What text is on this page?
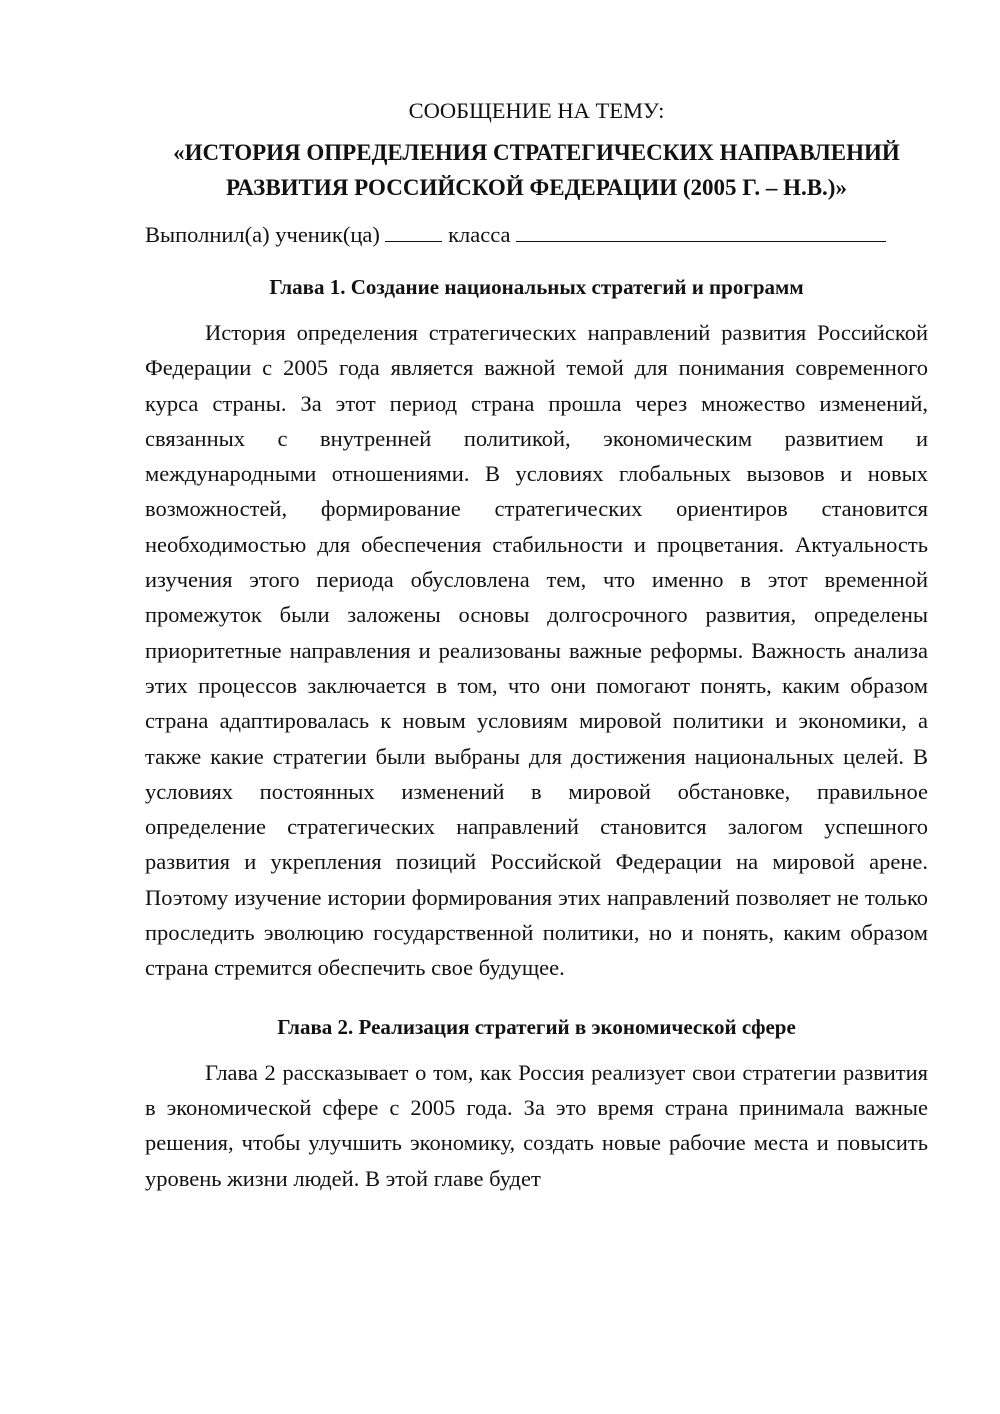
СООБЩЕНИЕ НА ТЕМУ:

«ИСТОРИЯ ОПРЕДЕЛЕНИЯ СТРАТЕГИЧЕСКИХ НАПРАВЛЕНИЙ РАЗВИТИЯ РОССИЙСКОЙ ФЕДЕРАЦИИ (2005 Г. – Н.В.)»

Выполнил(а) ученик(ца)	класса

Глава 1. Создание национальных стратегий и программ

История определения стратегических направлений развития Российской Федерации с 2005 года является важной темой для понимания современного курса страны. За этот период страна прошла через множество изменений, связанных с внутренней политикой, экономическим развитием и международными отношениями. В условиях глобальных вызовов и новых возможностей, формирование стратегических ориентиров становится необходимостью для обеспечения стабильности и процветания. Актуальность изучения этого периода обусловлена тем, что именно в этот временной промежуток были заложены основы долгосрочного развития, определены приоритетные направления и реализованы важные реформы. Важность анализа этих процессов заключается в том, что они помогают понять, каким образом страна адаптировалась к новым условиям мировой политики и экономики, а также какие стратегии были выбраны для достижения национальных целей. В условиях постоянных изменений в мировой обстановке, правильное определение стратегических направлений становится залогом успешного развития и укрепления позиций Российской Федерации на мировой арене. Поэтому изучение истории формирования этих направлений позволяет не только проследить эволюцию государственной политики, но и понять, каким образом страна стремится обеспечить свое будущее.

Глава 2. Реализация стратегий в экономической сфере

Глава 2 рассказывает о том, как Россия реализует свои стратегии развития в экономической сфере с 2005 года. За это время страна принимала важные решения, чтобы улучшить экономику, создать новые рабочие места и повысить уровень жизни людей. В этой главе будет
